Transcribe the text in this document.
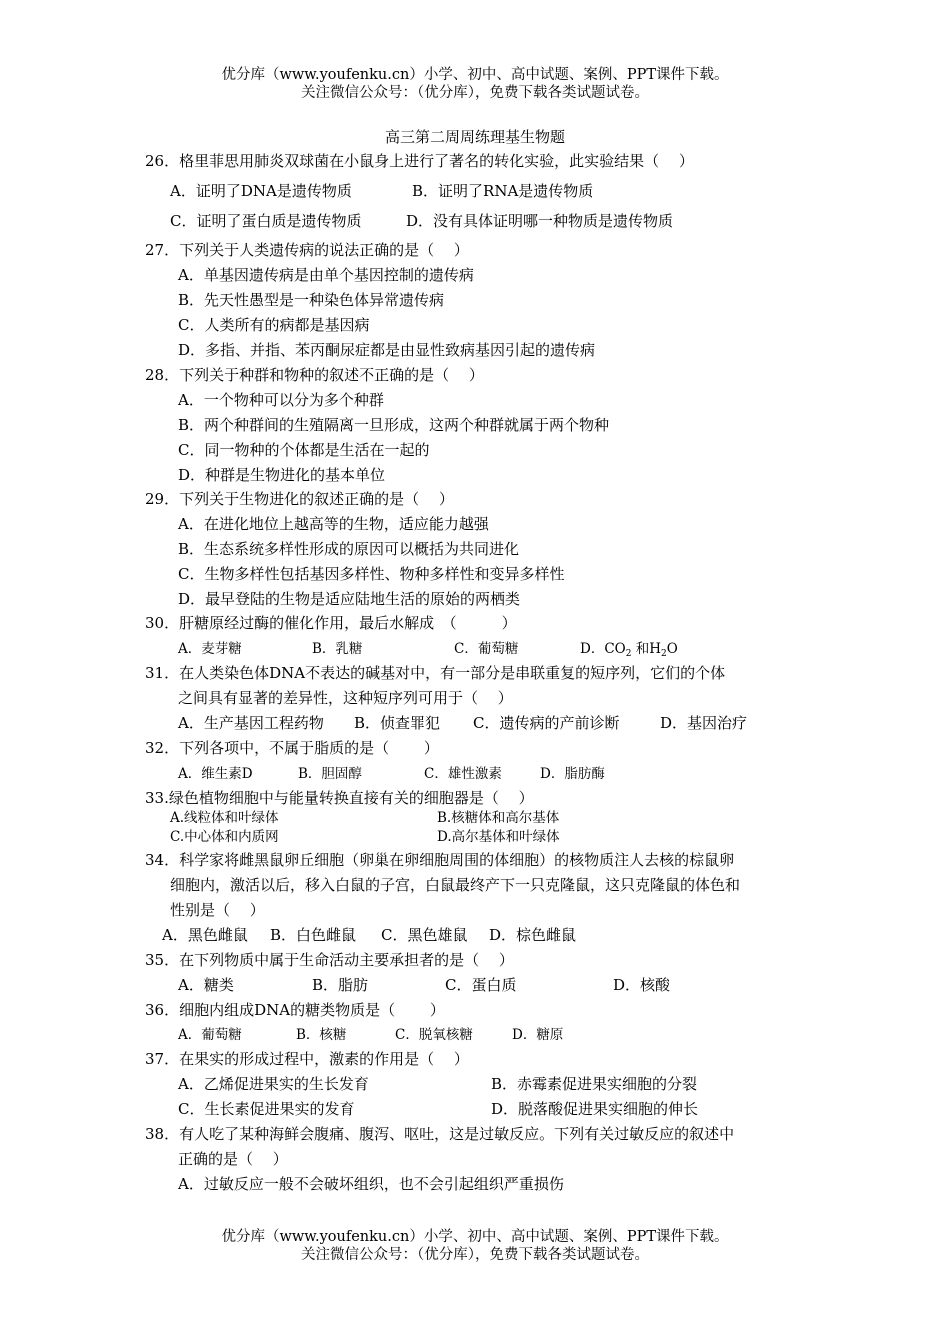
优分库（www.youfenku.cn）小学、初中、高中试题、案例、PPT课件下载。
关注微信公众号：（优分库），免费下载各类试题试卷。
高三第二周周练理基生物题
26．格里菲思用肺炎双球菌在小鼠身上进行了著名的转化实验，此实验结果（　 ）
A．证明了DNA是遗传物质	B．证明了RNA是遗传物质
C．证明了蛋白质是遗传物质	D．没有具体证明哪一种物质是遗传物质
27．下列关于人类遗传病的说法正确的是（　 ）
A．单基因遗传病是由单个基因控制的遗传病
B．先天性愚型是一种染色体异常遗传病
C．人类所有的病都是基因病
D．多指、并指、苯丙酮尿症都是由显性致病基因引起的遗传病
28．下列关于种群和物种的叙述不正确的是（　 ）
A．一个物种可以分为多个种群
B．两个种群间的生殖隔离一旦形成，这两个种群就属于两个物种
C．同一物种的个体都是生活在一起的
D．种群是生物进化的基本单位
29．下列关于生物进化的叙述正确的是（　 ）
A．在进化地位上越高等的生物，适应能力越强
B．生态系统多样性形成的原因可以概括为共同进化
C．生物多样性包括基因多样性、物种多样性和变异多样性
D．最早登陆的生物是适应陆地生活的原始的两栖类
30．肝糖原经过酶的催化作用，最后水解成　（　　　）
A．麦芽糖	B．乳糖	C．葡萄糖	D．$CO_2$ 和$H_2O$
31．在人类染色体DNA不表达的碱基对中，有一部分是串联重复的短序列，它们的个体
之间具有显著的差异性，这种短序列可用于（　 ）
A．生产基因工程药物 B．侦查罪犯 C．遗传病的产前诊断	D．基因治疗
32．下列各项中，不属于脂质的是（　　 ）
A．维生素D	B．胆固醇	C．雄性激素	D．脂肪酶
33.绿色植物细胞中与能量转换直接有关的细胞器是（　 ）
A.线粒体和叶绿体	B.核糖体和高尔基体
C.中心体和内质网	D.高尔基体和叶绿体
34．科学家将雌黑鼠卵丘细胞（卵巢在卵细胞周围的体细胞）的核物质注人去核的棕鼠卵
细胞内，激活以后，移入白鼠的子宫，白鼠最终产下一只克隆鼠，这只克隆鼠的体色和
性别是（　 ）
A．黑色雌鼠 B．白色雌鼠 C．黑色雄鼠 D．棕色雌鼠
35．在下列物质中属于生命活动主要承担者的是（　 ）
A．糖类	B．脂肪	C．蛋白质	D．核酸
36．细胞内组成DNA的糖类物质是（　　 ）
A．葡萄糖	B．核糖	C．脱氧核糖	D．糖原
37．在果实的形成过程中，激素的作用是（　 ）
A．乙烯促进果实的生长发育	B．赤霉素促进果实细胞的分裂
C．生长素促进果实的发育	D．脱落酸促进果实细胞的伸长
38．有人吃了某种海鲜会腹痛、腹泻、呕吐，这是过敏反应。下列有关过敏反应的叙述中
正确的是（　 ）
A．过敏反应一般不会破坏组织，也不会引起组织严重损伤
优分库（www.youfenku.cn）小学、初中、高中试题、案例、PPT课件下载。
关注微信公众号：（优分库），免费下载各类试题试卷。
